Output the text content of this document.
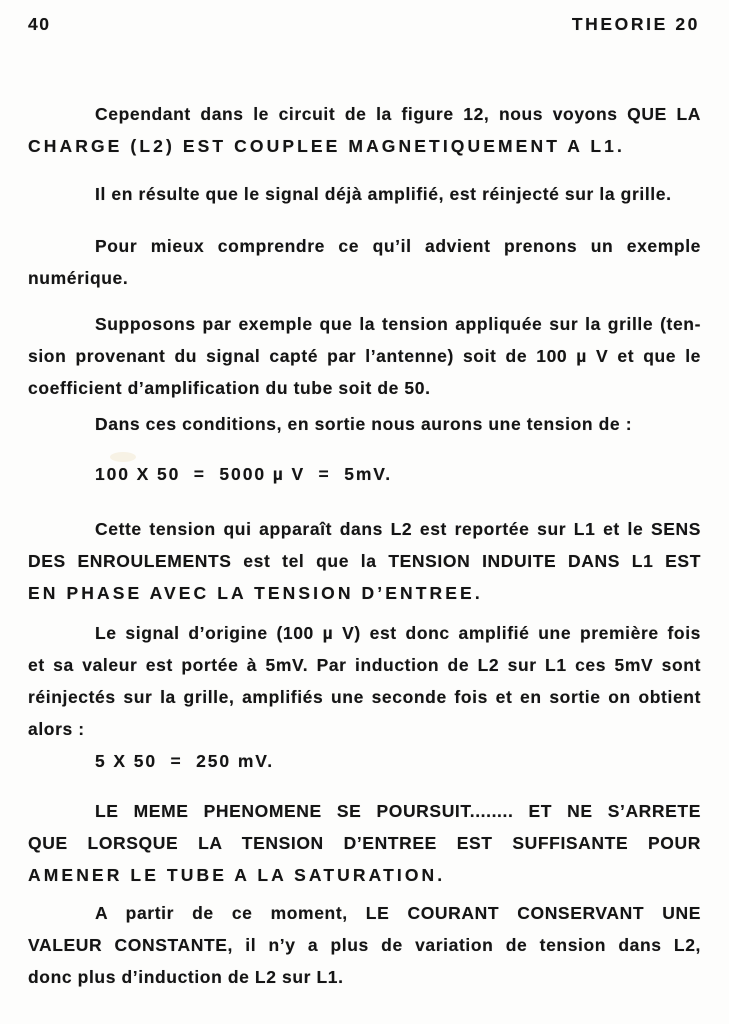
40	THEORIE 20
Cependant dans le circuit de la figure 12, nous voyons QUE LA
CHARGE (L2) EST COUPLEE MAGNETIQUEMENT A L1.
Il en résulte que le signal déjà amplifié, est réinjecté sur la grille.
Pour mieux comprendre ce qu’il advient prenons un exemple
numérique.
Supposons par exemple que la tension appliquée sur la grille (ten-
sion provenant du signal capté par l’antenne) soit de 100 µ V et que le
coefficient d’amplification du tube soit de 50.
Dans ces conditions, en sortie nous aurons une tension de :
100 X 50  =  5000 µ V  =  5mV.
Cette tension qui apparaît dans L2 est reportée sur L1 et le SENS
DES ENROULEMENTS est tel que la TENSION INDUITE DANS L1 EST
EN PHASE AVEC LA TENSION D’ENTREE.
Le signal d’origine (100 µ V) est donc amplifié une première fois
et sa valeur est portée à 5mV. Par induction de L2 sur L1 ces 5mV sont
réinjectés sur la grille, amplifiés une seconde fois et en sortie on obtient
alors :
5 X 50  =  250 mV.
LE MEME PHENOMENE SE POURSUIT........ ET NE S’ARRETE
QUE LORSQUE LA TENSION D’ENTREE EST SUFFISANTE POUR
AMENER LE TUBE A LA SATURATION.
A partir de ce moment, LE COURANT CONSERVANT UNE
VALEUR CONSTANTE, il n’y a plus de variation de tension dans L2,
donc plus d’induction de L2 sur L1.
